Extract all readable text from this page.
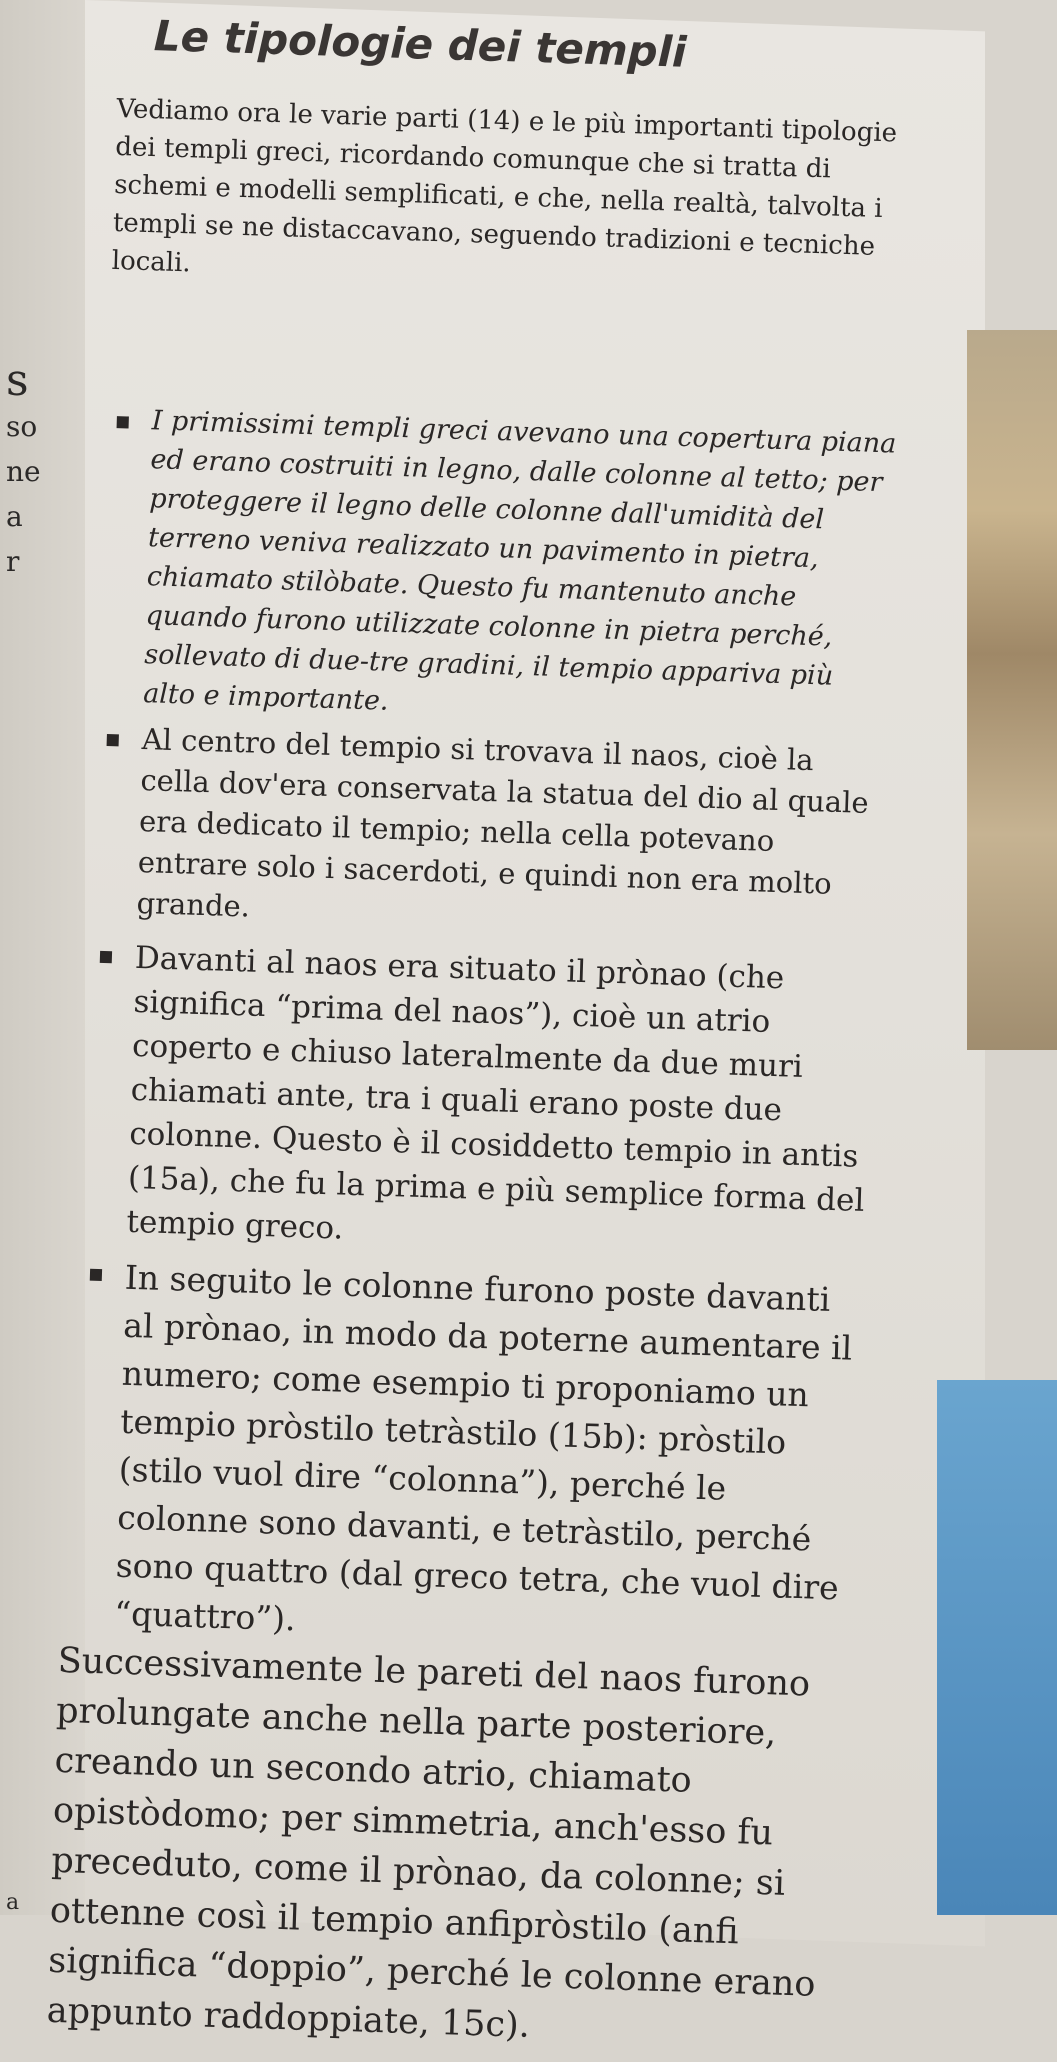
s
so
ne
a
r
a
Le tipologie dei templi

Vediamo ora le varie parti (14) e le più importanti tipologie dei templi greci, ricordando comunque che si tratta di schemi e modelli semplificati, e che, nella realtà, talvolta i templi se ne distaccavano, seguendo tradizioni e tecniche locali.

I primissimi templi greci avevano una copertura piana ed erano costruiti in legno, dalle colonne al tetto; per proteggere il legno delle colonne dall'umidità del terreno veniva realizzato un pavimento in pietra, chiamato stilòbate. Questo fu mantenuto anche quando furono utilizzate colonne in pietra perché, sollevato di due-tre gradini, il tempio appariva più alto e importante.
Al centro del tempio si trovava il naos, cioè la cella dov'era conservata la statua del dio al quale era dedicato il tempio; nella cella potevano entrare solo i sacerdoti, e quindi non era molto grande.
Davanti al naos era situato il prònao (che significa “prima del naos”), cioè un atrio coperto e chiuso lateralmente da due muri chiamati ante, tra i quali erano poste due colonne. Questo è il cosiddetto tempio in antis (15a), che fu la prima e più semplice forma del tempio greco.
In seguito le colonne furono poste davanti al prònao, in modo da poterne aumentare il numero; come esempio ti proponiamo un tempio pròstilo tetràstilo (15b): pròstilo (stilo vuol dire “colonna”), perché le colonne sono davanti, e tetràstilo, perché sono quattro (dal greco tetra, che vuol dire “quattro”).
Successivamente le pareti del naos furono prolungate anche nella parte posteriore, creando un secondo atrio, chiamato opistòdomo; per simmetria, anch'esso fu preceduto, come il prònao, da colonne; si ottenne così il tempio anfipròstilo (anfi significa “doppio”, perché le colonne erano appunto raddoppiate, 15c).
